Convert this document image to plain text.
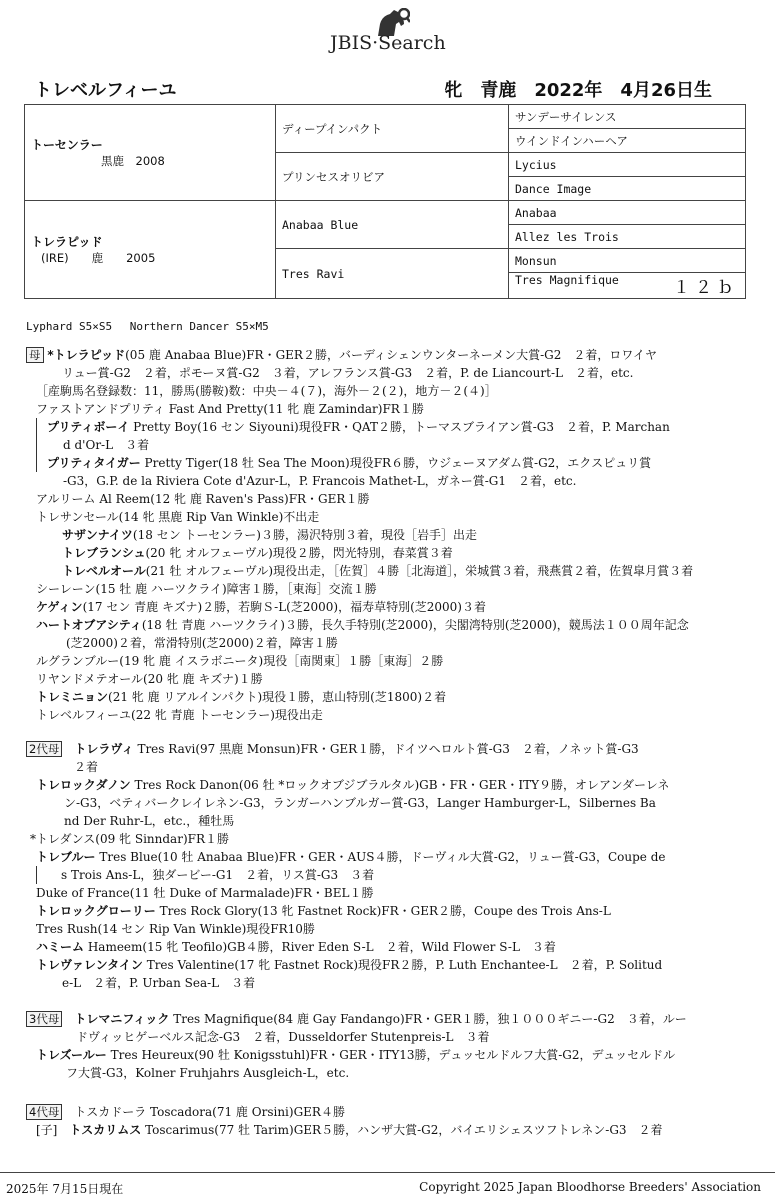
JBIS·Search
トレベルフィーユ	牝　青鹿　2022年　4月26日生
トーセンラー
黒鹿　2008	ディープインパクト	サンデーサイレンス
		ウインドインハーヘア
	プリンセスオリビア	Lycius
		Dance Image

トレラピッド
(IRE)　　鹿　　2005	Anabaa Blue	Anabaa
		Allez les Trois
	Tres Ravi	Monsun
		Tres Magnifique １２ｂ
Lyphard S5×S5　 Northern Dancer S5×M5
母 *トレラピッド(05 鹿 Anabaa Blue)FR・GER２勝，バーディシェンウンターネーメン大賞-G2　２着，ロワイヤ
リュー賞-G2　２着，ポモーヌ賞-G2　３着，アレフランス賞-G3　２着，P. de Liancourt-L　２着，etc.
［産駒馬名登録数：11，勝馬(勝鞍)数：中央－４(７)，海外－２(２)，地方－２(４)］
ファストアンドプリティ Fast And Pretty(11 牝 鹿 Zamindar)FR１勝
プリティボーイ Pretty Boy(16 セン Siyouni)現役FR・QAT２勝，トーマスブライアン賞-G3　２着，P. Marchan
d d'Or-L　３着
プリティタイガー Pretty Tiger(18 牡 Sea The Moon)現役FR６勝，ウジェーヌアダム賞-G2，エクスピュリ賞
-G3，G.P. de la Riviera Cote d'Azur-L，P. Francois Mathet-L，ガネー賞-G1　２着，etc.
アルリーム Al Reem(12 牝 鹿 Raven's Pass)FR・GER１勝
トレサンセール(14 牝 黒鹿 Rip Van Winkle)不出走
サザンナイツ(18 セン トーセンラー)３勝，湯沢特別３着，現役［岩手］出走
トレブランシュ(20 牝 オルフェーヴル)現役２勝，閃光特別，春菜賞３着
トレベルオール(21 牡 オルフェーヴル)現役出走，［佐賀］４勝［北海道］，栄城賞３着，飛燕賞２着，佐賀皐月賞３着
シーレーン(15 牡 鹿 ハーツクライ)障害１勝，［東海］交流１勝
ケゲィン(17 セン 青鹿 キズナ)２勝，若駒Ｓ-L(芝2000)，福寿草特別(芝2000)３着
ハートオブアシティ(18 牡 青鹿 ハーツクライ)３勝，長久手特別(芝2000)，尖閣湾特別(芝2000)，競馬法１００周年記念
(芝2000)２着，常滑特別(芝2000)２着，障害１勝
ルグランブルー(19 牝 鹿 イスラボニータ)現役［南関東］１勝［東海］２勝
リヤンドメテオール(20 牝 鹿 キズナ)１勝
トレミニョン(21 牝 鹿 リアルインパクト)現役１勝，恵山特別(芝1800)２着
トレベルフィーユ(22 牝 青鹿 トーセンラー)現役出走
2代母　 トレラヴィ Tres Ravi(97 黒鹿 Monsun)FR・GER１勝，ドイツヘロルト賞-G3　２着，ノネット賞-G3
２着
トレロックダノン Tres Rock Danon(06 牡 *ロックオブジブラルタル)GB・FR・GER・ITY９勝，オレアンダーレネ
ン-G3，ベティバークレイレネン-G3，ランガーハンブルガー賞-G3，Langer Hamburger-L，Silbernes Ba
nd Der Ruhr-L，etc.，種牡馬
*トレダンス(09 牝 Sinndar)FR１勝
トレブルー Tres Blue(10 牡 Anabaa Blue)FR・GER・AUS４勝，ドーヴィル大賞-G2，リュー賞-G3，Coupe de
s Trois Ans-L，独ダービー-G1　２着，リス賞-G3　３着
Duke of France(11 牡 Duke of Marmalade)FR・BEL１勝
トレロックグローリー Tres Rock Glory(13 牝 Fastnet Rock)FR・GER２勝，Coupe des Trois Ans-L
Tres Rush(14 セン Rip Van Winkle)現役FR10勝
ハミーム Hameem(15 牝 Teofilo)GB４勝，River Eden S-L　２着，Wild Flower S-L　３着
トレヴァレンタイン Tres Valentine(17 牝 Fastnet Rock)現役FR２勝，P. Luth Enchantee-L　２着，P. Solitud
e-L　２着，P. Urban Sea-L　３着
3代母　 トレマニフィック Tres Magnifique(84 鹿 Gay Fandango)FR・GER１勝，独１０００ギニー-G2　３着，ルー
ドヴィッヒゲーベルス記念-G3　２着，Dusseldorfer Stutenpreis-L　３着
トレズールー Tres Heureux(90 牡 Konigsstuhl)FR・GER・ITY13勝，デュッセルドルフ大賞-G2，デュッセルドル
フ大賞-G3，Kolner Fruhjahrs Ausgleich-L，etc.
4代母　 トスカドーラ Toscadora(71 鹿 Orsini)GER４勝
[子]　 トスカリムス Toscarimus(77 牡 Tarim)GER５勝，ハンザ大賞-G2，バイエリシェスツフトレネン-G3　２着
2025年 7月15日現在	Copyright 2025 Japan Bloodhorse Breeders' Association
